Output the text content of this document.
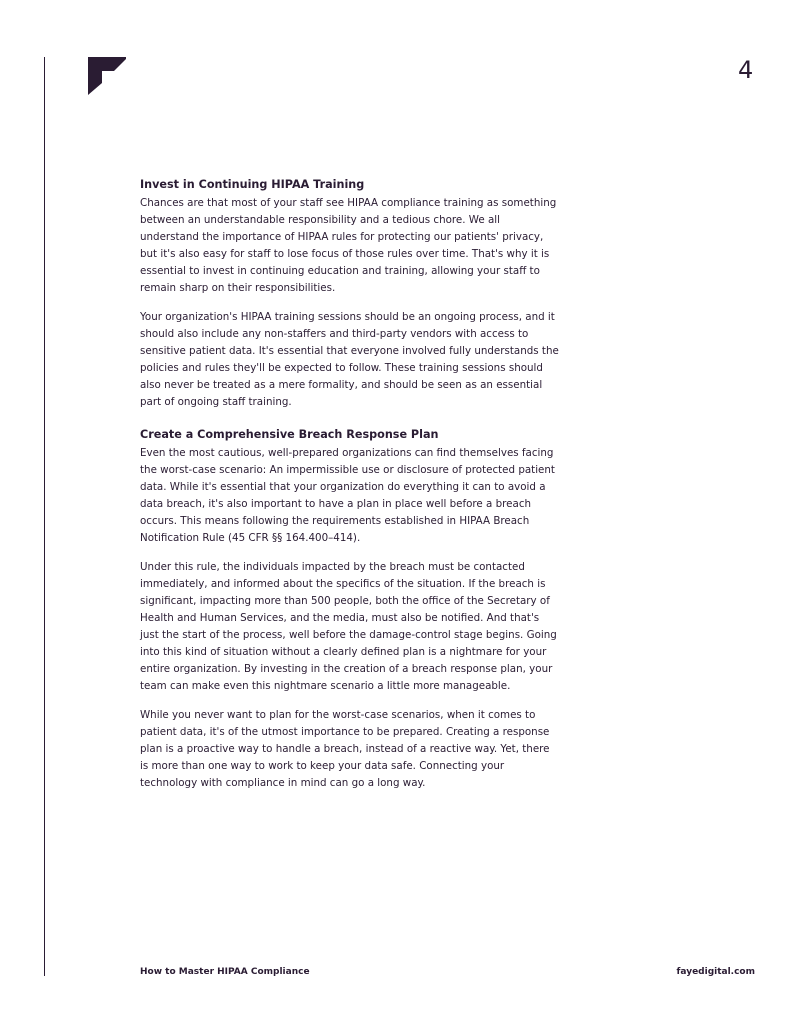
4
Invest in Continuing HIPAA Training

Chances are that most of your staff see HIPAA compliance training as something between an understandable responsibility and a tedious chore. We all understand the importance of HIPAA rules for protecting our patients' privacy, but it's also easy for staff to lose focus of those rules over time. That's why it is essential to invest in continuing education and training, allowing your staff to remain sharp on their responsibilities.

Your organization's HIPAA training sessions should be an ongoing process, and it should also include any non-staffers and third-party vendors with access to sensitive patient data. It's essential that everyone involved fully understands the policies and rules they'll be expected to follow. These training sessions should also never be treated as a mere formality, and should be seen as an essential part of ongoing staff training.

Create a Comprehensive Breach Response Plan

Even the most cautious, well-prepared organizations can find themselves facing the worst-case scenario: An impermissible use or disclosure of protected patient data. While it's essential that your organization do everything it can to avoid a data breach, it's also important to have a plan in place well before a breach occurs. This means following the requirements established in HIPAA Breach Notification Rule (45 CFR §§ 164.400–414).

Under this rule, the individuals impacted by the breach must be contacted immediately, and informed about the specifics of the situation. If the breach is significant, impacting more than 500 people, both the office of the Secretary of Health and Human Services, and the media, must also be notified. And that's just the start of the process, well before the damage-control stage begins. Going into this kind of situation without a clearly defined plan is a nightmare for your entire organization. By investing in the creation of a breach response plan, your team can make even this nightmare scenario a little more manageable.

While you never want to plan for the worst-case scenarios, when it comes to patient data, it's of the utmost importance to be prepared. Creating a response plan is a proactive way to handle a breach, instead of a reactive way. Yet, there is more than one way to work to keep your data safe. Connecting your technology with compliance in mind can go a long way.

How to Master HIPAA Compliance	fayedigital.com
